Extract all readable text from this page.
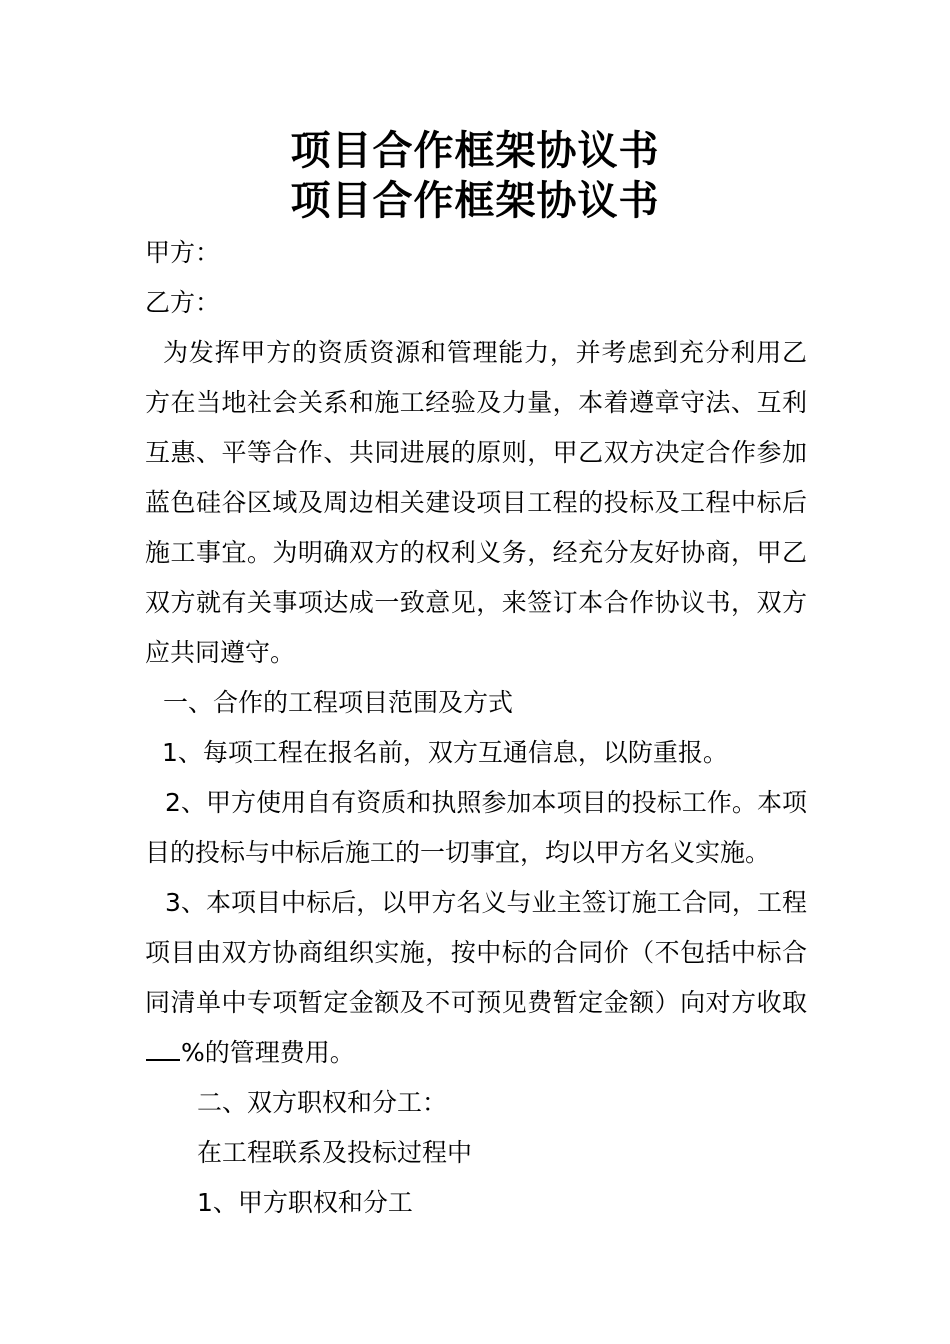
项目合作框架协议书
项目合作框架协议书

甲方：

乙方：

为发挥甲方的资质资源和管理能力，并考虑到充分利用乙方在当地社会关系和施工经验及力量，本着遵章守法、互利互惠、平等合作、共同进展的原则，甲乙双方决定合作参加蓝色硅谷区域及周边相关建设项目工程的投标及工程中标后施工事宜。为明确双方的权利义务，经充分友好协商，甲乙双方就有关事项达成一致意见，来签订本合作协议书，双方应共同遵守。

一、合作的工程项目范围及方式

1、每项工程在报名前，双方互通信息，以防重报。

2、甲方使用自有资质和执照参加本项目的投标工作。本项目的投标与中标后施工的一切事宜，均以甲方名义实施。

3、本项目中标后，以甲方名义与业主签订施工合同，工程项目由双方协商组织实施，按中标的合同价（不包括中标合同清单中专项暂定金额及不可预见费暂定金额）向对方收取%的管理费用。

二、双方职权和分工：

在工程联系及投标过程中

1、甲方职权和分工
